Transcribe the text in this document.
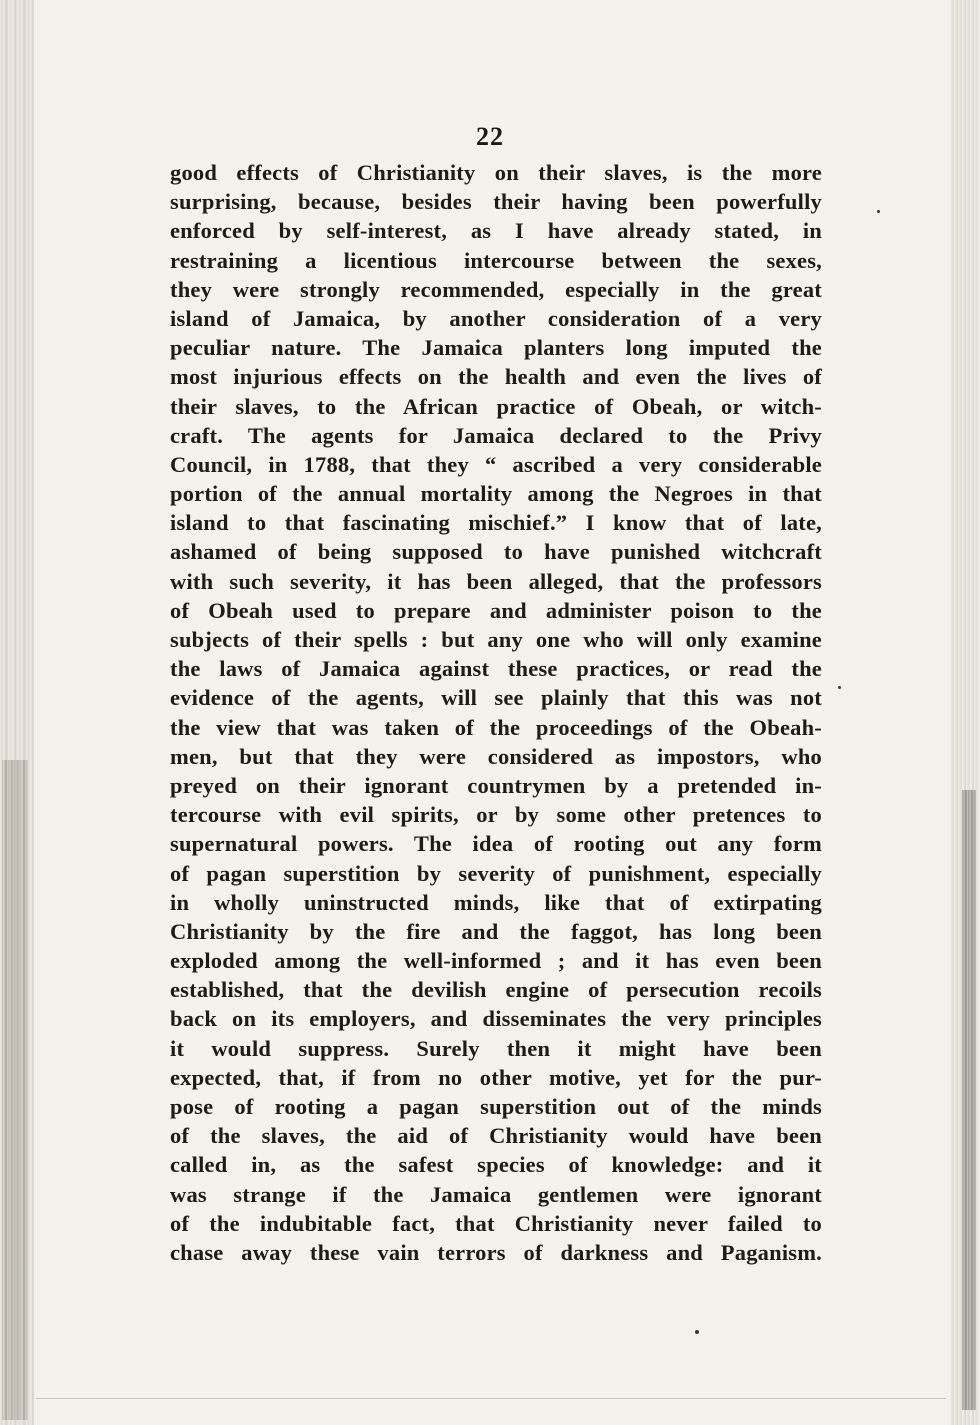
22
good effects of Christianity on their slaves, is the more
surprising, because, besides their having been powerfully
enforced by self-interest, as I have already stated, in
restraining a licentious intercourse between the sexes,
they were strongly recommended, especially in the great
island of Jamaica, by another consideration of a very
peculiar nature. The Jamaica planters long imputed the
most injurious effects on the health and even the lives of
their slaves, to the African practice of Obeah, or witch-
craft. The agents for Jamaica declared to the Privy
Council, in 1788, that they “ ascribed a very considerable
portion of the annual mortality among the Negroes in that
island to that fascinating mischief.” I know that of late,
ashamed of being supposed to have punished witchcraft
with such severity, it has been alleged, that the professors
of Obeah used to prepare and administer poison to the
subjects of their spells : but any one who will only examine
the laws of Jamaica against these practices, or read the
evidence of the agents, will see plainly that this was not
the view that was taken of the proceedings of the Obeah-
men, but that they were considered as impostors, who
preyed on their ignorant countrymen by a pretended in-
tercourse with evil spirits, or by some other pretences to
supernatural powers. The idea of rooting out any form
of pagan superstition by severity of punishment, especially
in wholly uninstructed minds, like that of extirpating
Christianity by the fire and the faggot, has long been
exploded among the well-informed ; and it has even been
established, that the devilish engine of persecution recoils
back on its employers, and disseminates the very principles
it would suppress. Surely then it might have been
expected, that, if from no other motive, yet for the pur-
pose of rooting a pagan superstition out of the minds
of the slaves, the aid of Christianity would have been
called in, as the safest species of knowledge: and it
was strange if the Jamaica gentlemen were ignorant
of the indubitable fact, that Christianity never failed to
chase away these vain terrors of darkness and Paganism.
